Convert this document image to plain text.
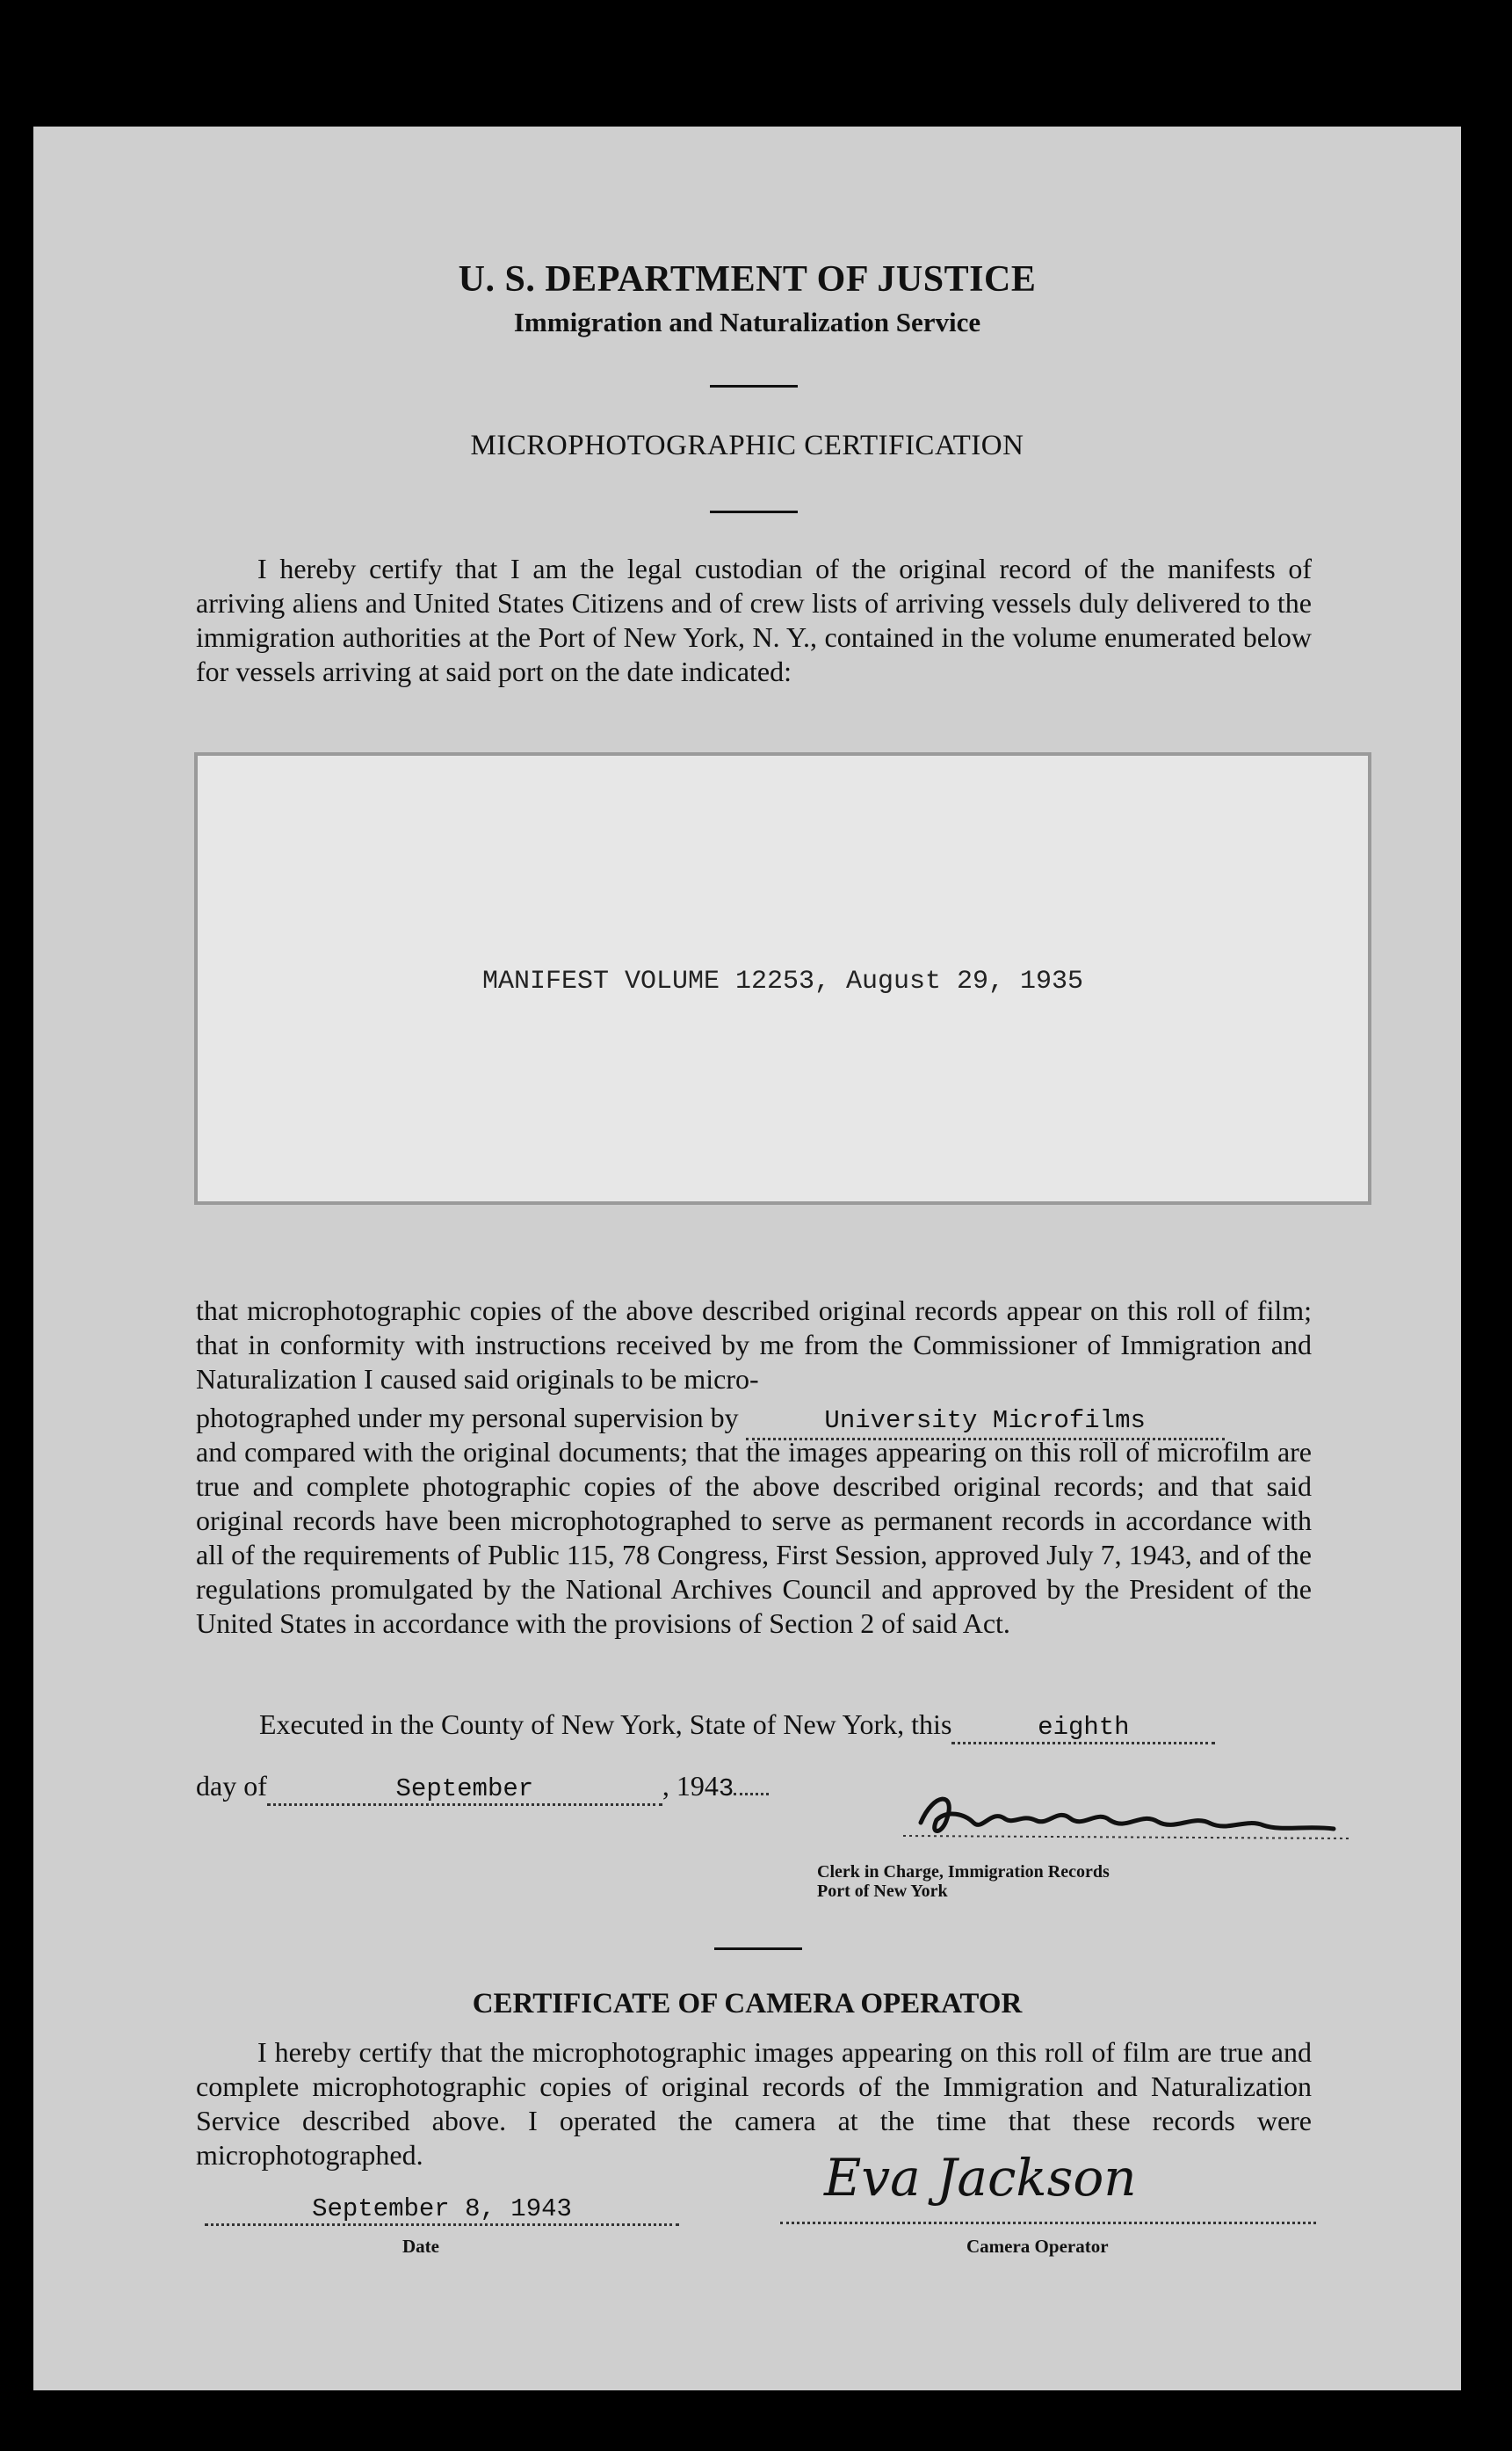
U. S. DEPARTMENT OF JUSTICE
Immigration and Naturalization Service
MICROPHOTOGRAPHIC CERTIFICATION

I hereby certify that I am the legal custodian of the original record of the manifests of arriving aliens and United States Citizens and of crew lists of arriving vessels duly delivered to the immigration authorities at the Port of New York, N. Y., contained in the volume enumerated below for vessels arriving at said port on the date indicated:

MANIFEST VOLUME 12253, August 29, 1935

that microphotographic copies of the above described original records appear on this roll of film; that in conformity with instructions received by me from the Commissioner of Immigration and Naturalization I caused said originals to be micro-

photographed under my personal supervision by	University Microfilms

and compared with the original documents; that the images appearing on this roll of microfilm are true and complete photographic copies of the above described original records; and that said original records have been microphotographed to serve as permanent records in accordance with all of the requirements of Public 115, 78 Congress, First Session, approved July 7, 1943, and of the regulations promulgated by the National Archives Council and approved by the President of the United States in accordance with the provisions of Section 2 of said Act.

Executed in the County of New York, State of New York, this	eighth
day of	September	, 1943
Clerk in Charge, Immigration Records
Port of New York
CERTIFICATE OF CAMERA OPERATOR

I hereby certify that the microphotographic images appearing on this roll of film are true and complete microphotographic copies of original records of the Immigration and Naturalization Service described above. I operated the camera at the time that these records were microphotographed.

September 8, 1943
Date
Eva Jackson
Camera Operator
